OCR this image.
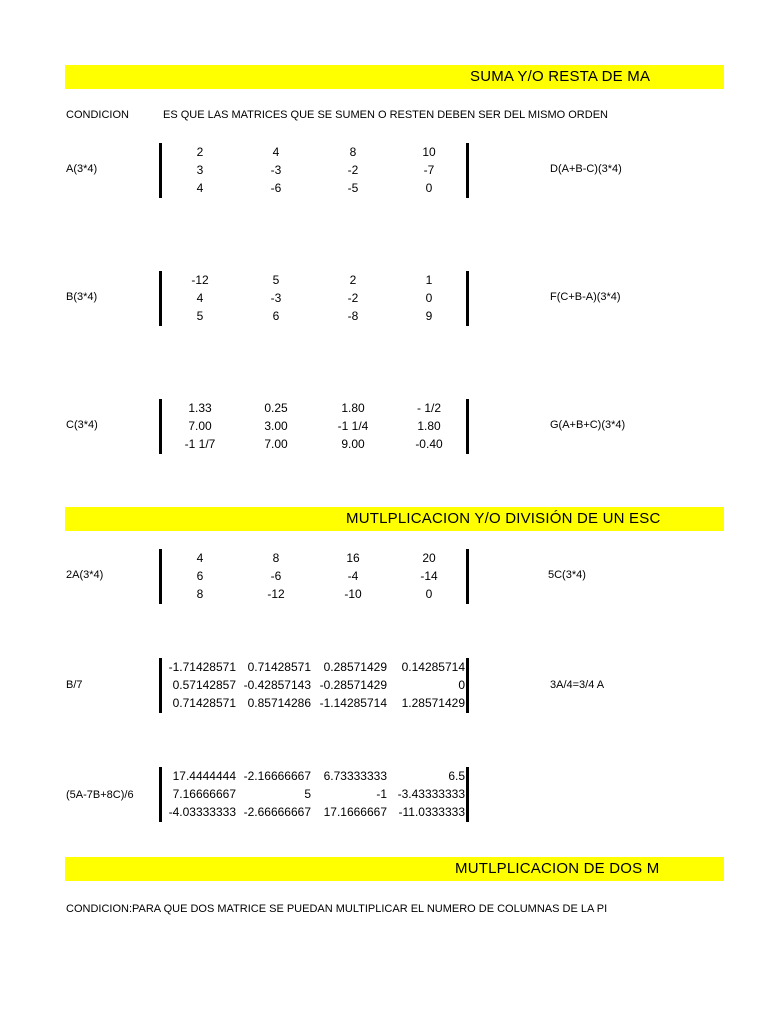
SUMA Y/O RESTA DE MA
MUTLPLICACION Y/O DIVISIÓN DE UN ESC
MUTLPLICACION DE DOS M
CONDICION	ES QUE LAS MATRICES QUE SE SUMEN O RESTEN DEBEN SER DEL MISMO ORDEN
CONDICION:PARA QUE DOS MATRICE SE PUEDAN MULTIPLICAR EL NUMERO DE COLUMNAS DE LA PI
A(3*4)
2	4	8	10
3	-3	-2	-7
4	-6	-5	0
D(A+B-C)(3*4)
B(3*4)
-12	5	2	1
4	-3	-2	0
5	6	-8	9
F(C+B-A)(3*4)
C(3*4)
1.33	0.25	1.80	- 1/2
7.00	3.00	-1 1/4	1.80
-1 1/7	7.00	9.00	-0.40
G(A+B+C)(3*4)
2A(3*4)
4	8	16	20
6	-6	-4	-14
8	-12	-10	0
5C(3*4)
B/7
-1.71428571 0.71428571 0.28571429 0.14285714
0.57142857 -0.42857143 -0.28571429	0
0.71428571 0.85714286 -1.14285714 1.28571429
3A/4=3/4 A
(5A-7B+8C)/6
17.4444444 -2.16666667 6.73333333	6.5
7.16666667	5	-1 -3.43333333
-4.03333333 -2.66666667 17.1666667 -11.0333333
